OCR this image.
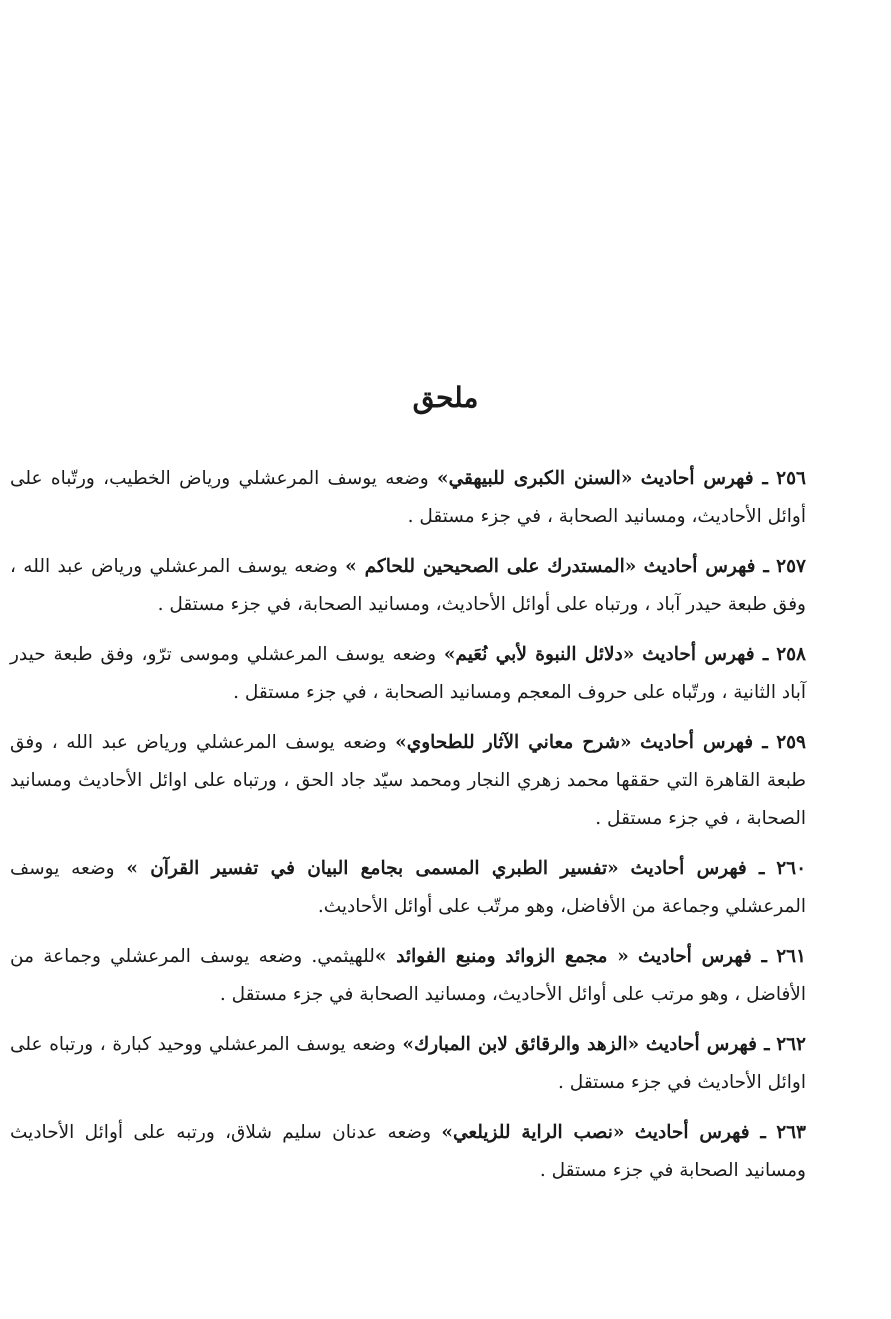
ملحق

٢٥٦ ـ فهرس أحاديث «السنن الكبرى للبيهقي» وضعه يوسف المرعشلي ورياض الخطيب، ورتّباه على أوائل الأحاديث، ومسانيد الصحابة ، في جزء مستقل .

٢٥٧ ـ فهرس أحاديث «المستدرك على الصحيحين للحاكم » وضعه يوسف المرعشلي ورياض عبد الله ، وفق طبعة حيدر آباد ، ورتباه على أوائل الأحاديث، ومسانيد الصحابة، في جزء مستقل .

٢٥٨ ـ فهرس أحاديث «دلائل النبوة لأبي نُعَيم» وضعه يوسف المرعشلي وموسى ترّو، وفق طبعة حيدر آباد الثانية ، ورتّباه على حروف المعجم ومسانيد الصحابة ، في جزء مستقل .

٢٥٩ ـ فهرس أحاديث «شرح معاني الآثار للطحاوي» وضعه يوسف المرعشلي ورياض عبد الله ، وفق طبعة القاهرة التي حققها محمد زهري النجار ومحمد سيّد جاد الحق ، ورتباه على اوائل الأحاديث ومسانيد الصحابة ، في جزء مستقل .

٢٦٠ ـ فهرس أحاديث «تفسير الطبري المسمى بجامع البيان في تفسير القرآن » وضعه يوسف المرعشلي وجماعة من الأفاضل، وهو مرتّب على أوائل الأحاديث.

٢٦١ ـ فهرس أحاديث « مجمع الزوائد ومنبع الفوائد »للهيثمي. وضعه يوسف المرعشلي وجماعة من الأفاضل ، وهو مرتب على أوائل الأحاديث، ومسانيد الصحابة في جزء مستقل .

٢٦٢ ـ فهرس أحاديث «الزهد والرقائق لابن المبارك» وضعه يوسف المرعشلي ووحيد كبارة ، ورتباه على اوائل الأحاديث في جزء مستقل .

٢٦٣ ـ فهرس أحاديث «نصب الراية للزيلعي» وضعه عدنان سليم شلاق، ورتبه على أوائل الأحاديث ومسانيد الصحابة في جزء مستقل .
